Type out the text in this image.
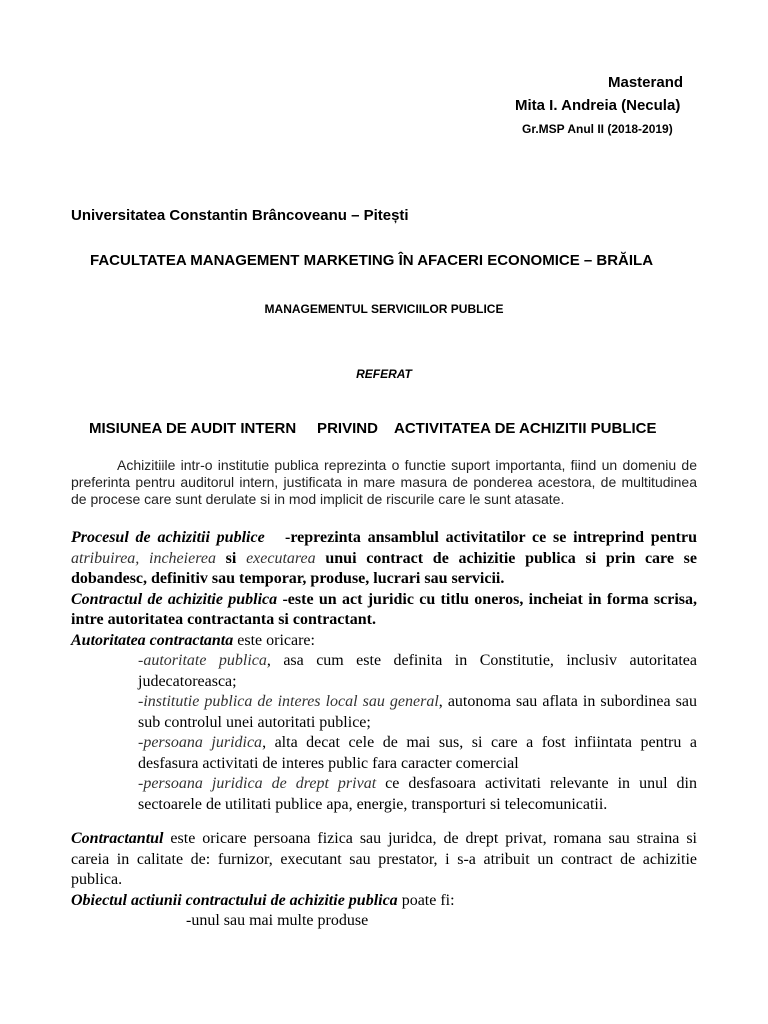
Masterand
Mita I. Andreia (Necula)
Gr.MSP Anul II (2018-2019)
Universitatea Constantin Brâncoveanu – Pitești
FACULTATEA MANAGEMENT MARKETING ÎN AFACERI ECONOMICE – BRĂILA
MANAGEMENTUL SERVICIILOR PUBLICE
REFERAT
MISIUNEA DE AUDIT INTERN     PRIVIND    ACTIVITATEA DE ACHIZITII PUBLICE

Achizitiile intr-o institutie publica reprezinta o functie suport importanta, fiind un domeniu de preferinta pentru auditorul intern, justificata in mare masura de ponderea acestora, de multitudinea de procese care sunt derulate si in mod implicit de riscurile care le sunt atasate.

Procesul de achizitii publice   -reprezinta ansamblul activitatilor ce se intreprind pentru atribuirea, incheierea si executarea unui contract de achizitie publica si prin care se dobandesc, definitiv sau temporar, produse, lucrari sau servicii.

Contractul de achizitie publica -este un act juridic cu titlu oneros, incheiat in forma scrisa, intre autoritatea contractanta si contractant.

Autoritatea contractanta este oricare:

-autoritate publica, asa cum este definita in Constitutie, inclusiv autoritatea judecatoreasca;

-institutie publica de interes local sau general, autonoma sau aflata in subordinea sau sub controlul unei autoritati publice;

-persoana juridica, alta decat cele de mai sus, si care a fost infiintata pentru a desfasura activitati de interes public fara caracter comercial

-persoana juridica de drept privat ce desfasoara activitati relevante in unul din sectoarele de utilitati publice apa, energie, transporturi si telecomunicatii.

Contractantul este oricare persoana fizica sau juridca, de drept privat, romana sau straina si careia in calitate de: furnizor, executant sau prestator, i s-a atribuit un contract de achizitie publica.

Obiectul actiunii contractului de achizitie publica poate fi:

-unul sau mai multe produse
